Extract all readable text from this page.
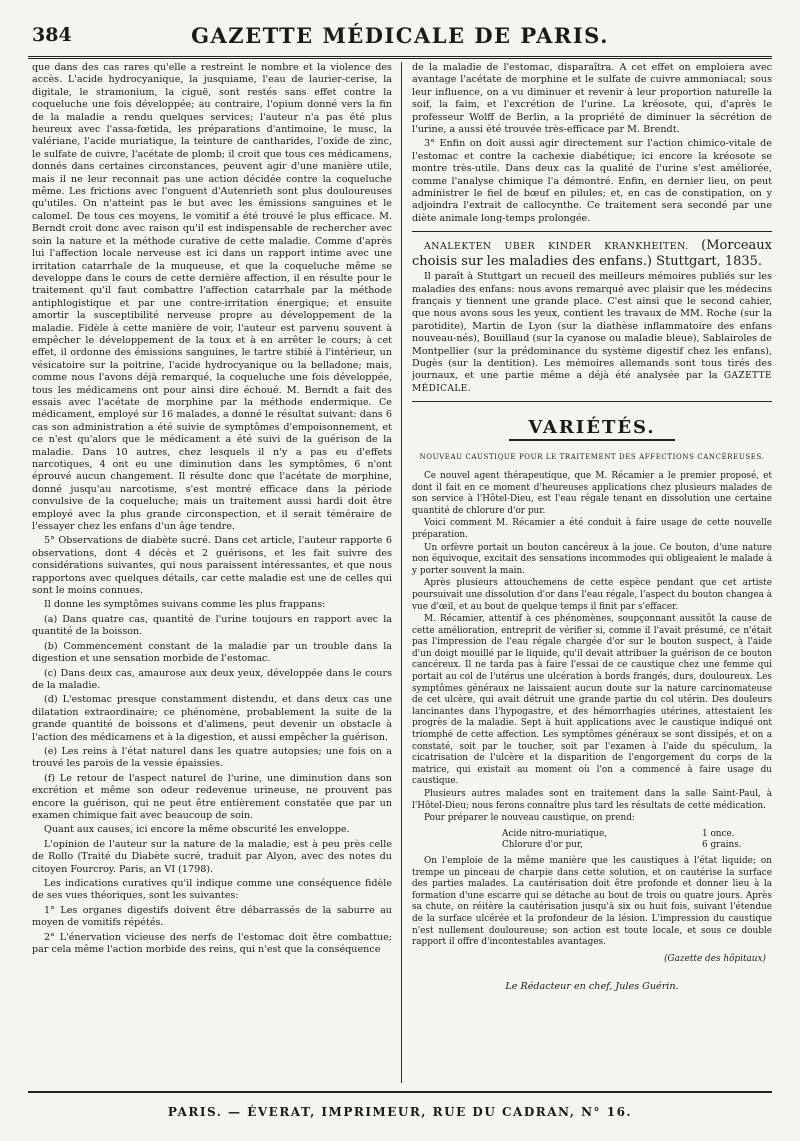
384	GAZETTE MÉDICALE DE PARIS.

que dans des cas rares qu'elle a restreint le nombre et la violence des accès. L'acide hydrocyanique, la jusquiame, l'eau de laurier-cerise, la digitale, le stramonium, la ciguë, sont restés sans effet contre la coqueluche une fois développée; au contraire, l'opium donné vers la fin de la maladie a rendu quelques services; l'auteur n'a pas été plus heureux avec l'assa-fœtida, les préparations d'antimoine, le musc, la valériane, l'acide muriatique, la teinture de cantharides, l'oxide de zinc, le sulfate de cuivre, l'acétate de plomb; il croit que tous ces médicamens, donnés dans certaines circonstances, peuvent agir d'une manière utile, mais il ne leur reconnait pas une action décidée contre la coqueluche même. Les frictions avec l'onguent d'Autenrieth sont plus douloureuses qu'utiles. On n'atteint pas le but avec les émissions sanguines et le calomel. De tous ces moyens, le vomitif a été trouvé le plus efficace. M. Berndt croit donc avec raison qu'il est indispensable de rechercher avec soin la nature et la méthode curative de cette maladie. Comme d'après lui l'affection locale nerveuse est ici dans un rapport intime avec une irritation catarrhale de la muqueuse, et que la coqueluche même se developpe dans le cours de cette dernière affection, il en résulte pour le traitement qu'il faut combattre l'affection catarrhale par la méthode antiphlogistique et par une contre-irritation énergique; et ensuite amortir la susceptibilité nerveuse propre au développement de la maladie. Fidèle à cette manière de voir, l'auteur est parvenu souvent à empêcher le développement de la toux et à en arrêter le cours; à cet effet, il ordonne des émissions sanguines, le tartre stibié à l'intérieur, un vésicatoire sur la poitrine, l'acide hydrocyanique ou la belladone; mais, comme nous l'avons déjà remarqué, la coqueluche une fois développée, tous les médicamens ont pour ainsi dire échoué. M. Berndt a fait des essais avec l'acétate de morphine par la méthode endermique. Ce médicament, employé sur 16 malades, a donné le résultat suivant: dans 6 cas son administration a été suivie de symptômes d'empoisonnement, et ce n'est qu'alors que le médicament a été suivi de la guérison de la maladie. Dans 10 autres, chez lesquels il n'y a pas eu d'effets narcotiques, 4 ont eu une diminution dans les symptômes, 6 n'ont éprouvé aucun changement. Il résulte donc que l'acétate de morphine, donné jusqu'au narcotisme, s'est montré efficace dans la période convulsive de la coqueluche; mais un traitement aussi hardi doit être employé avec la plus grande circonspection, et il serait téméraire de l'essayer chez les enfans d'un âge tendre.

5° Observations de diabète sucré. Dans cet article, l'auteur rapporte 6 observations, dont 4 décès et 2 guérisons, et les fait suivre des considérations suivantes, qui nous paraissent intéressantes, et que nous rapportons avec quelques détails, car cette maladie est une de celles qui sont le moins connues.

Il donne les symptômes suivans comme les plus frappans:

(a) Dans quatre cas, quantité de l'urine toujours en rapport avec la quantité de la boisson.

(b) Commencement constant de la maladie par un trouble dans la digestion et une sensation morbide de l'estomac.

(c) Dans deux cas, amaurose aux deux yeux, développée dans le cours de la maladie.

(d) L'estomac presque constamment distendu, et dans deux cas une dilatation extraordinaire; ce phénomène, probablement la suite de la grande quantité de boissons et d'alimens, peut devenir un obstacle à l'action des médicamens et à la digestion, et aussi empêcher la guérison.

(e) Les reins à l'état naturel dans les quatre autopsies; une fois on a trouvé les parois de la vessie épaissies.

(f) Le retour de l'aspect naturel de l'urine, une diminution dans son excrétion et même son odeur redevenue urineuse, ne prouvent pas encore la guérison, qui ne peut être entièrement constatée que par un examen chimique fait avec beaucoup de soin.

Quant aux causes, ici encore la même obscurité les enveloppe.

L'opinion de l'auteur sur la nature de la maladie, est à peu près celle de Rollo (Traité du Diabète sucré, traduit par Alyon, avec des notes du citoyen Fourcroy. Paris, an VI (1798).

Les indications curatives qu'il indique comme une conséquence fidèle de ses vues théoriques, sont les suivantes:

1° Les organes digestifs doivent être débarrassés de la saburre au moyen de vomitifs répétés.

2° L'énervation vicieuse des nerfs de l'estomac doit être combattue; par cela même l'action morbide des reins, qui n'est que la conséquence

de la maladie de l'estomac, disparaîtra. A cet effet on emploiera avec avantage l'acétate de morphine et le sulfate de cuivre ammoniacal; sous leur influence, on a vu diminuer et revenir à leur proportion naturelle la soif, la faim, et l'excrétion de l'urine. La kréosote, qui, d'après le professeur Wolff de Berlin, a la propriété de diminuer la sécrétion de l'urine, a aussi été trouvée très-efficace par M. Brendt.

3° Enfin on doit aussi agir directement sur l'action chimico-vitale de l'estomac et contre la cachexie diabétique; ici encore la kréosote se montre très-utile. Dans deux cas la qualité de l'urine s'est améliorée, comme l'analyse chimique l'a démontré. Enfin, en dernier lieu, on peut administrer le fiel de bœuf en pilules; et, en cas de constipation, on y adjoindra l'extrait de callocynthe. Ce traitement sera secondé par une diète animale long-temps prolongée.

ANALEKTEN UBER KINDER KRANKHEITEN. (Morceaux choisis sur les maladies des enfans.) Stuttgart, 1835.

Il paraît à Stuttgart un recueil des meilleurs mémoires publiés sur les maladies des enfans: nous avons remarqué avec plaisir que les médecins français y tiennent une grande place. C'est ainsi que le second cahier, que nous avons sous les yeux, contient les travaux de MM. Roche (sur la parotidite), Martin de Lyon (sur la diathèse inflammatoire des enfans nouveau-nés), Bouillaud (sur la cyanose ou maladie bleue), Sablairoles de Montpellier (sur la prédominance du système digestif chez les enfans), Dugès (sur la dentition). Les mémoires allemands sont tous tirés des journaux, et une partie même a déjà été analysée par la GAZETTE MÉDICALE.

VARIÉTÉS.
NOUVEAU CAUSTIQUE POUR LE TRAITEMENT DES AFFECTIONS CANCÉREUSES.

Ce nouvel agent thérapeutique, que M. Récamier a le premier proposé, et dont il fait en ce moment d'heureuses applications chez plusieurs malades de son service à l'Hôtel-Dieu, est l'eau régale tenant en dissolution une certaine quantité de chlorure d'or pur.

Voici comment M. Récamier a été conduit à faire usage de cette nouvelle préparation.

Un orfèvre portait un bouton cancéreux à la joue. Ce bouton, d'une nature non équivoque, excitait des sensations incommodes qui obligeaient le malade à y porter souvent la main.

Après plusieurs attouchemens de cette espèce pendant que cet artiste poursuivait une dissolution d'or dans l'eau régale, l'aspect du bouton changea à vue d'œil, et au bout de quelque temps il finit par s'effacer.

M. Récamier, attentif à ces phénomènes, soupçonnant aussitôt la cause de cette amélioration, entreprit de vérifier si, comme il l'avait présumé, ce n'était pas l'impression de l'eau régale chargée d'or sur le bouton suspect, à l'aide d'un doigt mouillé par le liquide, qu'il devait attribuer la guérison de ce bouton cancéreux. Il ne tarda pas à faire l'essai de ce caustique chez une femme qui portait au col de l'utérus une ulcération à bords frangés, durs, douloureux. Les symptômes généraux ne laissaient aucun doute sur la nature carcinomateuse de cet ulcère, qui avait détruit une grande partie du col utérin. Des douleurs lancinantes dans l'hypogastre, et des hémorrhagies utérines, attestaient les progrès de la maladie. Sept à huit applications avec le caustique indiqué ont triomphé de cette affection. Les symptômes généraux se sont dissipés, et on a constaté, soit par le toucher, soit par l'examen à l'aide du spéculum, la cicatrisation de l'ulcère et la disparition de l'engorgement du corps de la matrice, qui existait au moment où l'on a commencé à faire usage du caustique.

Plusieurs autres malades sont en traitement dans la salle Saint-Paul, à l'Hôtel-Dieu; nous ferons connaître plus tard les résultats de cette médication.

Pour préparer le nouveau caustique, on prend:

Acide nitro-muriatique,	1 once.
Chlorure d'or pur,	6 grains.

On l'emploie de la même manière que les caustiques à l'état liquide; on trempe un pinceau de charpie dans cette solution, et on cautérise la surface des parties malades. La cautérisation doit être profonde et donner lieu à la formation d'une escarre qui se détache au bout de trois ou quatre jours. Après sa chute, on réitère la cautérisation jusqu'à six ou huit fois, suivant l'étendue de la surface ulcérée et la profondeur de la lésion. L'impression du caustique n'est nullement douloureuse; son action est toute locale, et sous ce double rapport il offre d'incontestables avantages.

(Gazette des hôpitaux)
Le Rédacteur en chef, Jules Guérin.
PARIS. — ÉVERAT, IMPRIMEUR, RUE DU CADRAN, N° 16.
